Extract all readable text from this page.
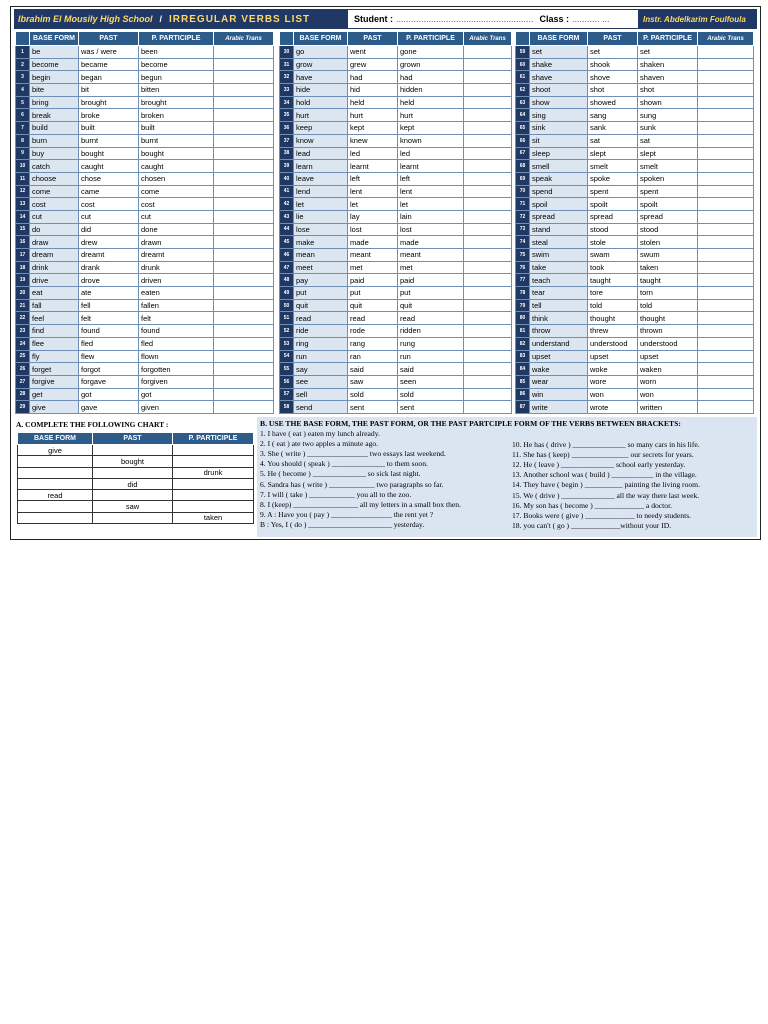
Ibrahim El Mousily High School / IRREGULAR VERBS LIST	Student : ....................................................... Class : ........... ...	Instr. Abdelkarim Foulfoula
	BASE FORM	PAST	P. PARTICIPLE	Arabic Trans
1	be	was / were	been	
2	become	became	become	
3	begin	began	begun	
4	bite	bit	bitten	
5	bring	brought	brought	
6	break	broke	broken	
7	build	built	built	
8	burn	burnt	burnt	
9	buy	bought	bought	
10	catch	caught	caught	
11	choose	chose	chosen	
12	come	came	come	
13	cost	cost	cost	
14	cut	cut	cut	
15	do	did	done	
16	draw	drew	drawn	
17	dream	dreamt	dreamt	
18	drink	drank	drunk	
19	drive	drove	driven	
20	eat	ate	eaten	
21	fall	fell	fallen	
22	feel	felt	felt	
23	find	found	found	
24	flee	fled	fled	
25	fly	flew	flown	
26	forget	forgot	forgotten	
27	forgive	forgave	forgiven	
28	get	got	got	
29	give	gave	given	
	BASE FORM	PAST	P. PARTICIPLE	Arabic Trans
30	go	went	gone	
31	grow	grew	grown	
32	have	had	had	
33	hide	hid	hidden	
34	hold	held	held	
35	hurt	hurt	hurt	
36	keep	kept	kept	
37	know	knew	known	
38	lead	led	led	
39	learn	learnt	learnt	
40	leave	left	left	
41	lend	lent	lent	
42	let	let	let	
43	lie	lay	lain	
44	lose	lost	lost	
45	make	made	made	
46	mean	meant	meant	
47	meet	met	met	
48	pay	paid	paid	
49	put	put	put	
50	quit	quit	quit	
51	read	read	read	
52	ride	rode	ridden	
53	ring	rang	rung	
54	run	ran	run	
55	say	said	said	
56	see	saw	seen	
57	sell	sold	sold	
58	send	sent	sent	
	BASE FORM	PAST	P. PARTICIPLE	Arabic Trans
59	set	set	set	
60	shake	shook	shaken	
61	shave	shove	shaven	
62	shoot	shot	shot	
63	show	showed	shown	
64	sing	sang	sung	
65	sink	sank	sunk	
66	sit	sat	sat	
67	sleep	slept	slept	
68	smell	smelt	smelt	
69	speak	spoke	spoken	
70	spend	spent	spent	
71	spoil	spoilt	spoilt	
72	spread	spread	spread	
73	stand	stood	stood	
74	steal	stole	stolen	
75	swim	swam	swum	
76	take	took	taken	
77	teach	taught	taught	
78	tear	tore	torn	
79	tell	told	told	
80	think	thought	thought	
81	throw	threw	thrown	
82	understand	understood	understood	
83	upset	upset	upset	
84	wake	woke	waken	
85	wear	wore	worn	
86	win	won	won	
87	write	wrote	written	
A. COMPLETE THE FOLLOWING CHART :
BASE FORM	PAST	P. PARTICIPLE
give		
	bought	
		drunk
	did	
read		
	saw	
		taken
B. USE THE BASE FORM, THE PAST FORM, OR THE PAST PARTCIPLE FORM OF THE VERBS BETWEEN BRACKETS:
1. I have ( eat ) eaten my lunch already.
2. I ( eat ) ate two apples a minute ago.
3. She ( write ) ________________ two essays last weekend.
4. You should ( speak ) ______________ to them soon.
5. He ( become ) ______________ so sick last night.
6. Sandra has ( write ) ____________ two paragraphs so far.
7. I will ( take ) ____________ you all to the zoo.
8. I (keep) _________________ all my letters in a small box then.
9. A : Have you ( pay ) ________________ the rent yet ?
B : Yes, I ( do ) ______________________ yesterday.
10. He has ( drive ) ______________ so many cars in his life.
11. She has ( keep) _______________ our secrets for years.
12. He ( leave ) ______________ school early yesterday.
13. Another school was ( build ) ___________ in the village.
14. They have ( begin ) __________ painting the living room.
15. We ( drive ) ______________ all the way there last week.
16. My son has ( become ) _____________ a doctor.
17. Books were ( give ) _____________ to needy students.
18. you can't ( go ) _____________without your ID.
